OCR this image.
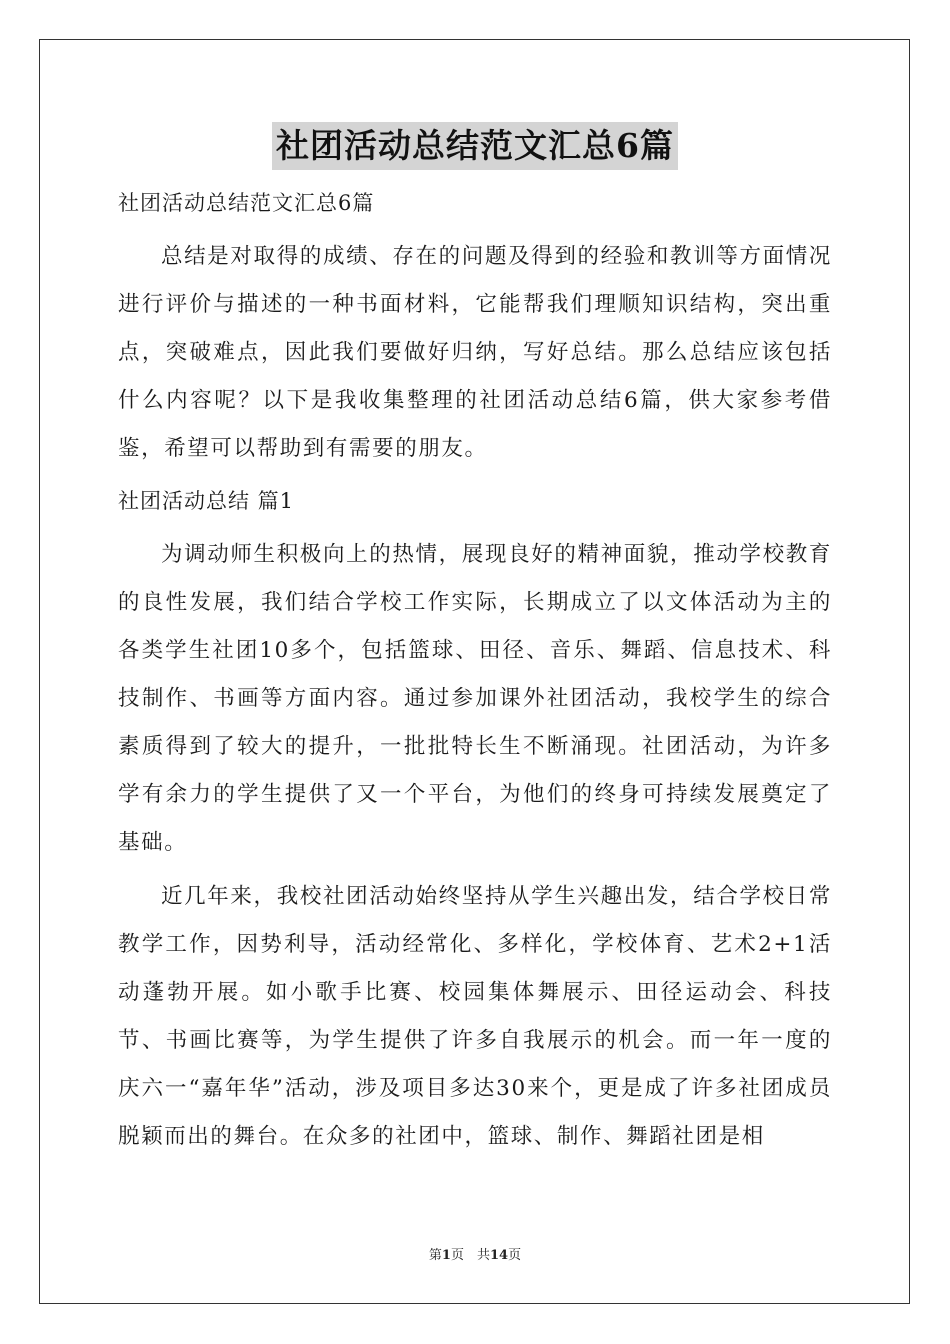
社团活动总结范文汇总6篇

社团活动总结范文汇总6篇

总结是对取得的成绩、存在的问题及得到的经验和教训等方面情况进行评价与描述的一种书面材料，它能帮我们理顺知识结构，突出重点，突破难点，因此我们要做好归纳，写好总结。那么总结应该包括什么内容呢？以下是我收集整理的社团活动总结6篇，供大家参考借鉴，希望可以帮助到有需要的朋友。

社团活动总结 篇1

为调动师生积极向上的热情，展现良好的精神面貌，推动学校教育的良性发展，我们结合学校工作实际，长期成立了以文体活动为主的各类学生社团10多个，包括篮球、田径、音乐、舞蹈、信息技术、科技制作、书画等方面内容。通过参加课外社团活动，我校学生的综合素质得到了较大的提升，一批批特长生不断涌现。社团活动，为许多学有余力的学生提供了又一个平台，为他们的终身可持续发展奠定了基础。

近几年来，我校社团活动始终坚持从学生兴趣出发，结合学校日常教学工作，因势利导，活动经常化、多样化，学校体育、艺术2+1活动蓬勃开展。如小歌手比赛、校园集体舞展示、田径运动会、科技节、书画比赛等，为学生提供了许多自我展示的机会。而一年一度的庆六一“嘉年华”活动，涉及项目多达30来个，更是成了许多社团成员脱颖而出的舞台。在众多的社团中，篮球、制作、舞蹈社团是相

第1页　共14页
